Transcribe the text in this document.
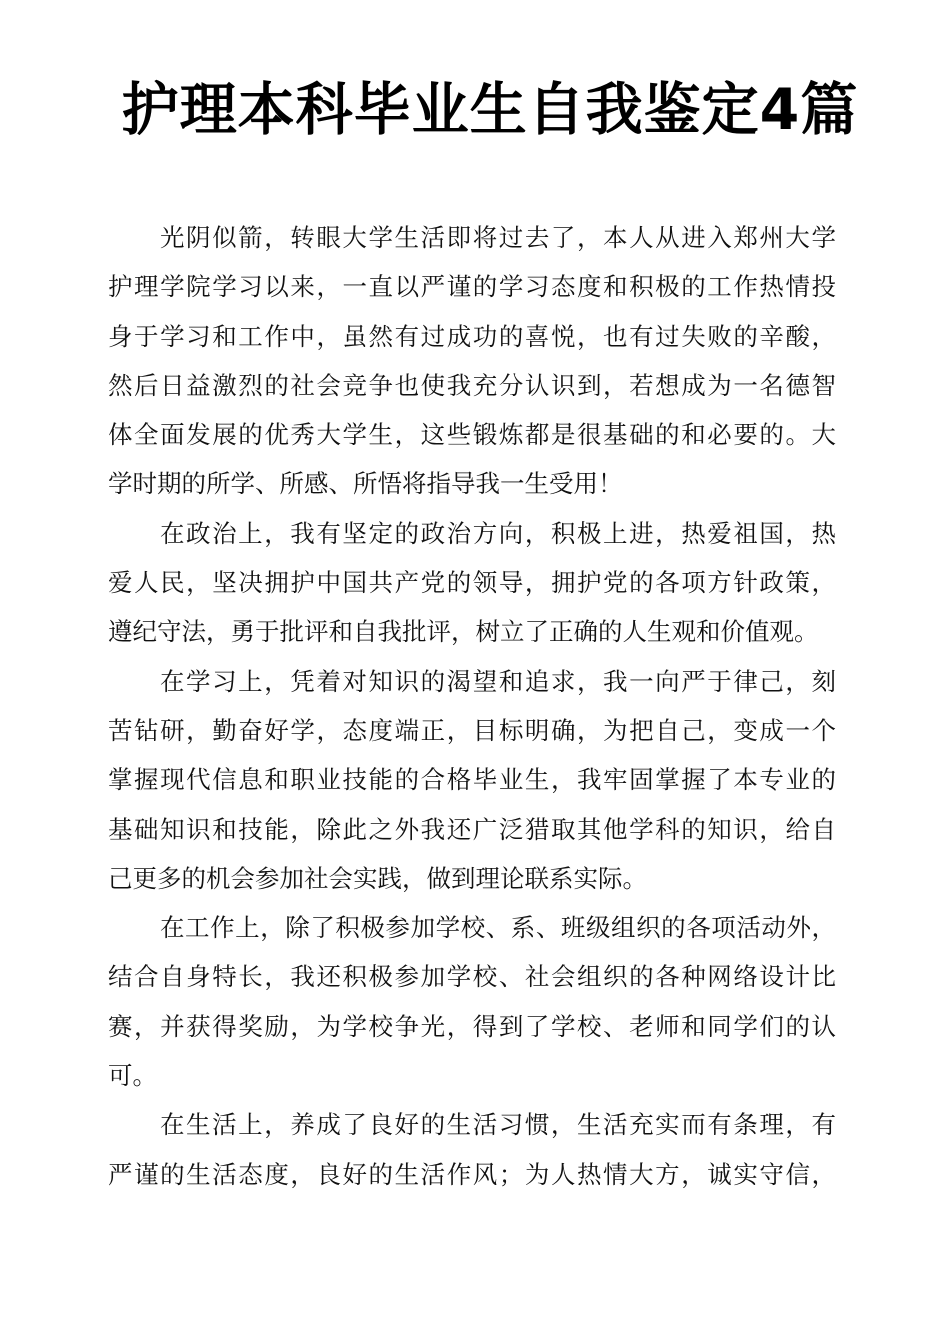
护理本科毕业生自我鉴定4篇
光阴似箭，转眼大学生活即将过去了，本人从进入郑州大学
护理学院学习以来，一直以严谨的学习态度和积极的工作热情投
身于学习和工作中，虽然有过成功的喜悦，也有过失败的辛酸，
然后日益激烈的社会竞争也使我充分认识到，若想成为一名德智
体全面发展的优秀大学生，这些锻炼都是很基础的和必要的。大
学时期的所学、所感、所悟将指导我一生受用！
在政治上，我有坚定的政治方向，积极上进，热爱祖国，热
爱人民，坚决拥护中国共产党的领导，拥护党的各项方针政策，
遵纪守法，勇于批评和自我批评，树立了正确的人生观和价值观。
在学习上，凭着对知识的渴望和追求，我一向严于律己，刻
苦钻研，勤奋好学，态度端正，目标明确，为把自己，变成一个
掌握现代信息和职业技能的合格毕业生，我牢固掌握了本专业的
基础知识和技能，除此之外我还广泛猎取其他学科的知识，给自
己更多的机会参加社会实践，做到理论联系实际。
在工作上，除了积极参加学校、系、班级组织的各项活动外，
结合自身特长，我还积极参加学校、社会组织的各种网络设计比
赛，并获得奖励，为学校争光，得到了学校、老师和同学们的认
可。
在生活上，养成了良好的生活习惯，生活充实而有条理，有
严谨的生活态度，良好的生活作风；为人热情大方，诚实守信，
